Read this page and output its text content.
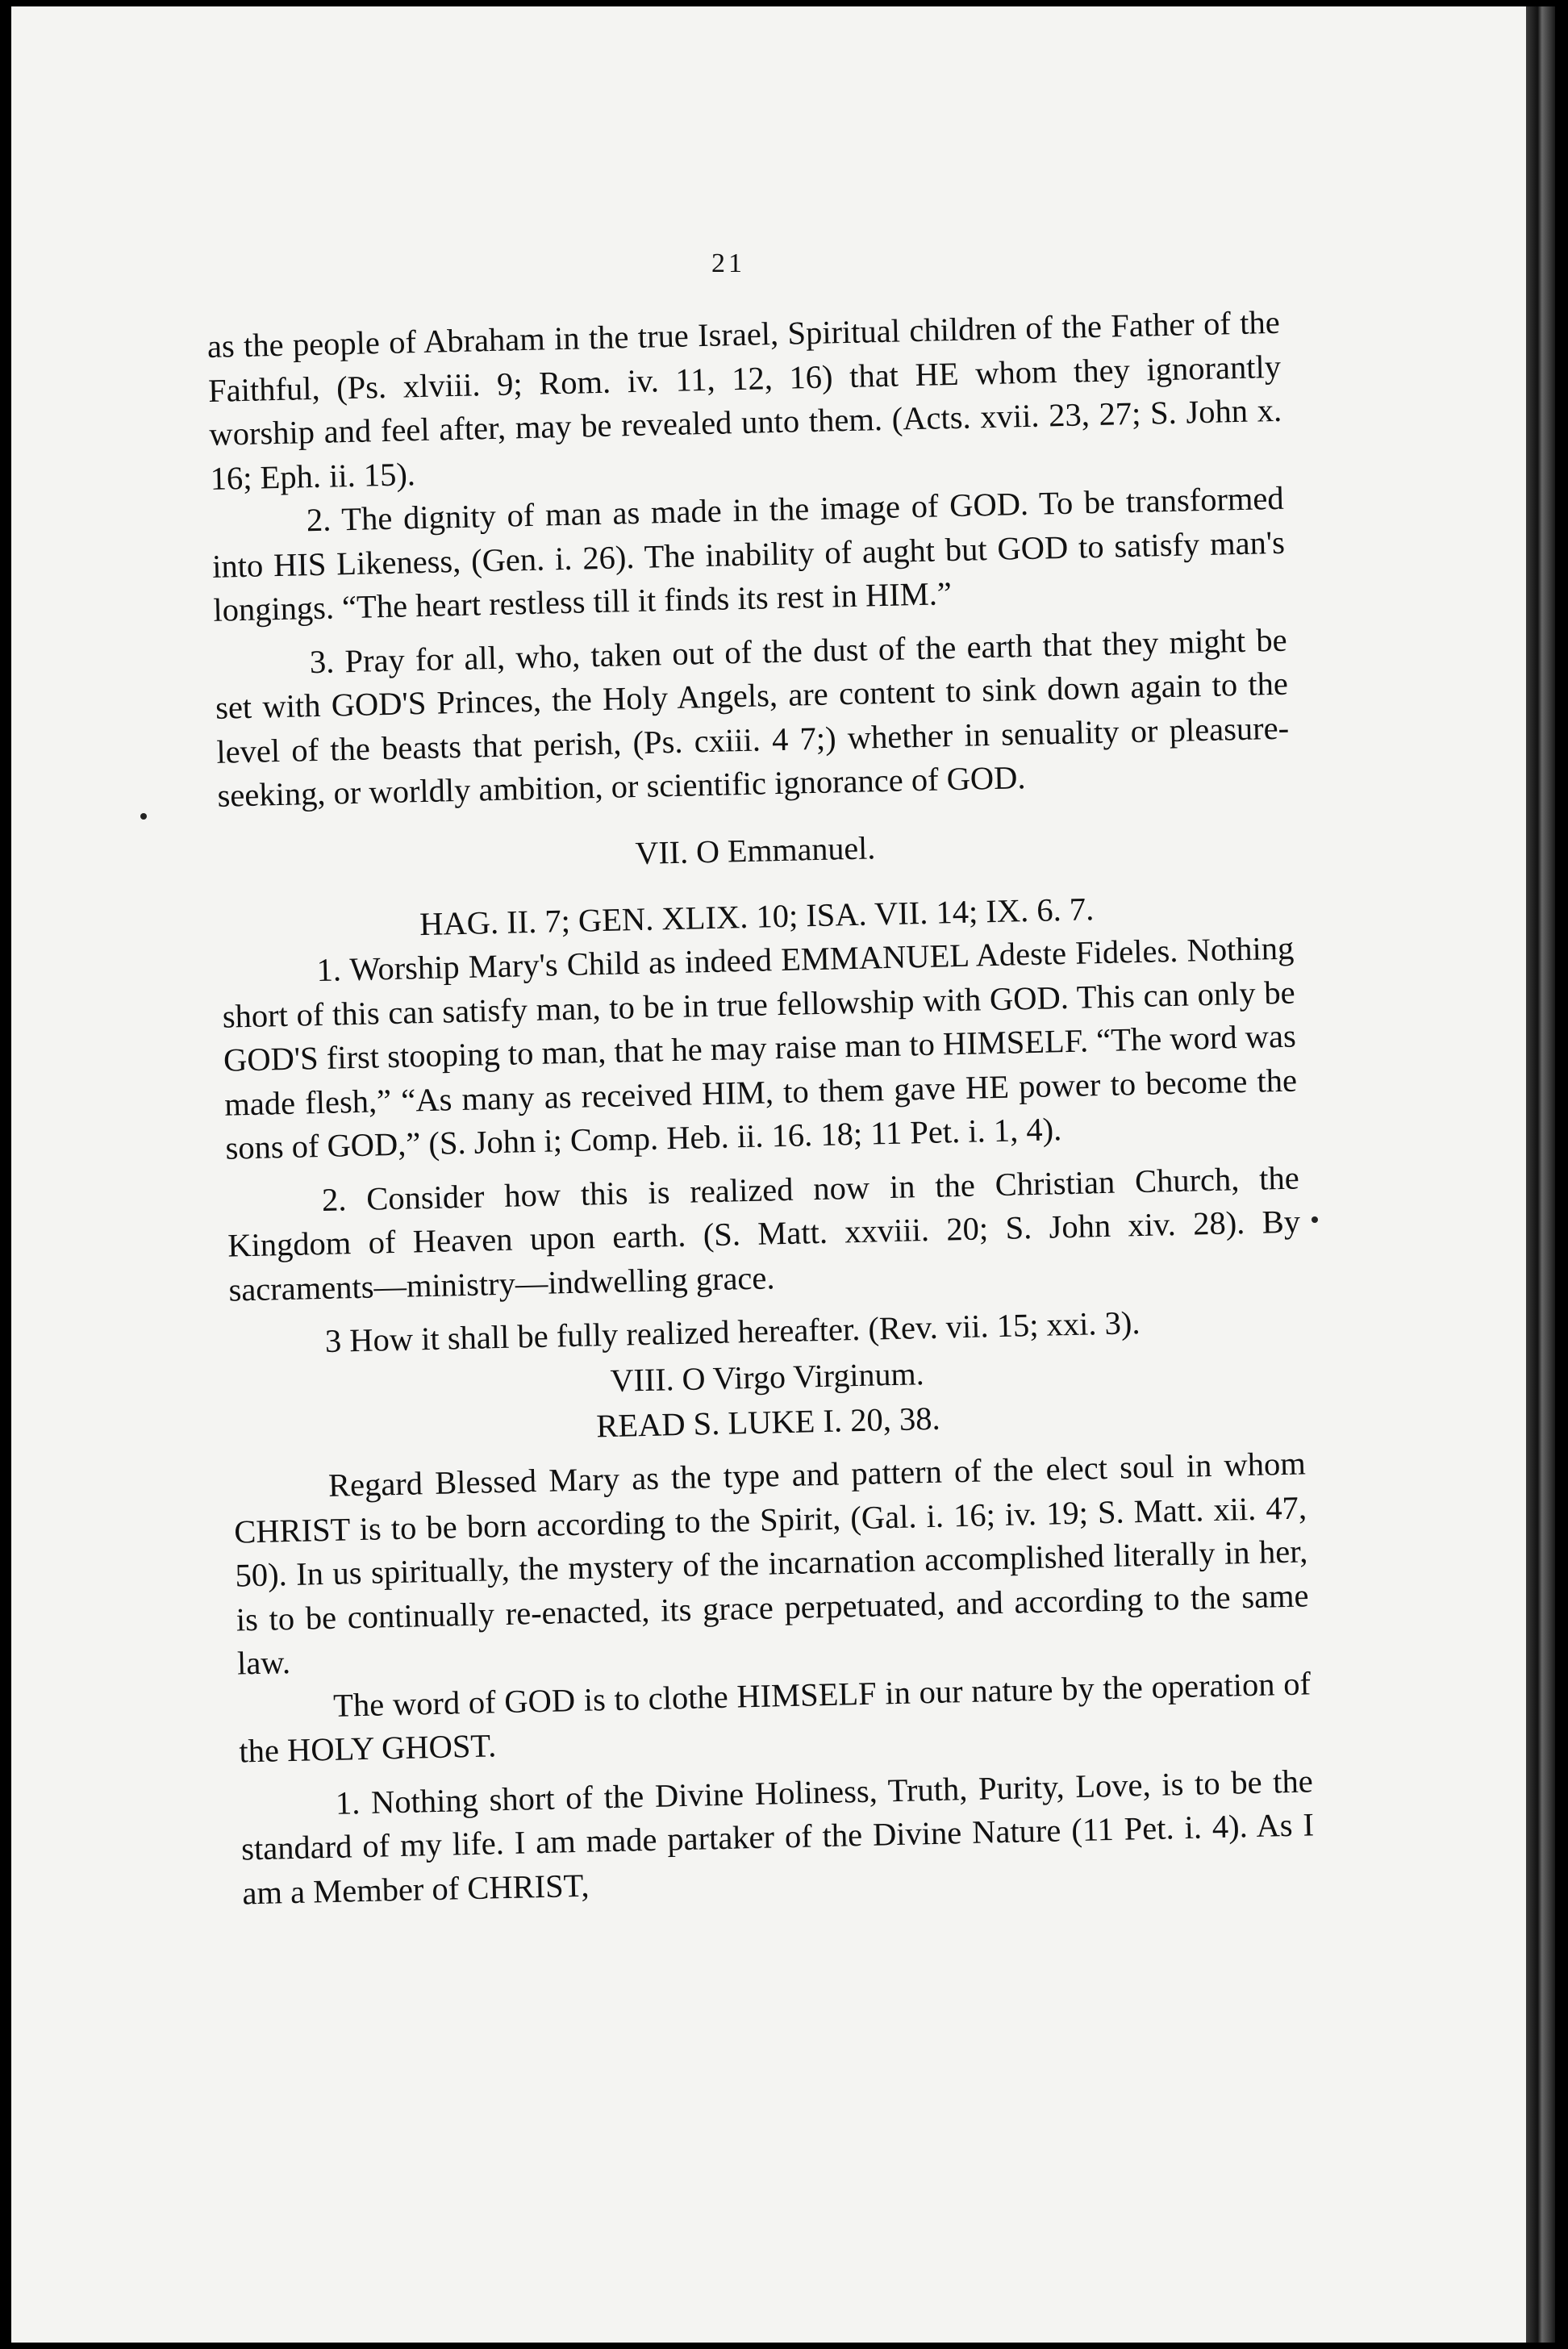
21

as the people of Abraham in the true Israel, Spiritual children of the Father of the Faithful, (Ps. xlviii. 9; Rom. iv. 11, 12, 16) that HE whom they ignorantly worship and feel after, may be revealed unto them. (Acts. xvii. 23, 27; S. John x. 16; Eph. ii. 15).

2. The dignity of man as made in the image of GOD. To be transformed into HIS Likeness, (Gen. i. 26). The inability of aught but GOD to satisfy man's longings. “The heart restless till it finds its rest in HIM.”

3. Pray for all, who, taken out of the dust of the earth that they might be set with GOD'S Princes, the Holy Angels, are content to sink down again to the level of the beasts that perish, (Ps. cxiii. 4 7;) whether in senuality or pleasure-seeking, or worldly ambition, or scientific ignorance of GOD.

VII. O Emmanuel.

HAG. II. 7; GEN. XLIX. 10; ISA. VII. 14; IX. 6. 7.

1. Worship Mary's Child as indeed EMMANUEL Adeste Fideles. Nothing short of this can satisfy man, to be in true fellowship with GOD. This can only be GOD'S first stooping to man, that he may raise man to HIMSELF. “The word was made flesh,” “As many as received HIM, to them gave HE power to become the sons of GOD,” (S. John i; Comp. Heb. ii. 16. 18; 11 Pet. i. 1, 4).

2. Consider how this is realized now in the Christian Church, the Kingdom of Heaven upon earth. (S. Matt. xxviii. 20; S. John xiv. 28). By sacraments—ministry—indwelling grace.

3 How it shall be fully realized hereafter. (Rev. vii. 15; xxi. 3).

VIII. O Virgo Virginum.

READ S. LUKE I. 20, 38.

Regard Blessed Mary as the type and pattern of the elect soul in whom CHRIST is to be born according to the Spirit, (Gal. i. 16; iv. 19; S. Matt. xii. 47, 50). In us spiritually, the mystery of the incarnation accomplished literally in her, is to be continually re-enacted, its grace perpetuated, and according to the same law.

The word of GOD is to clothe HIMSELF in our nature by the operation of the HOLY GHOST.

1. Nothing short of the Divine Holiness, Truth, Purity, Love, is to be the standard of my life. I am made partaker of the Divine Nature (11 Pet. i. 4). As I am a Member of CHRIST,
